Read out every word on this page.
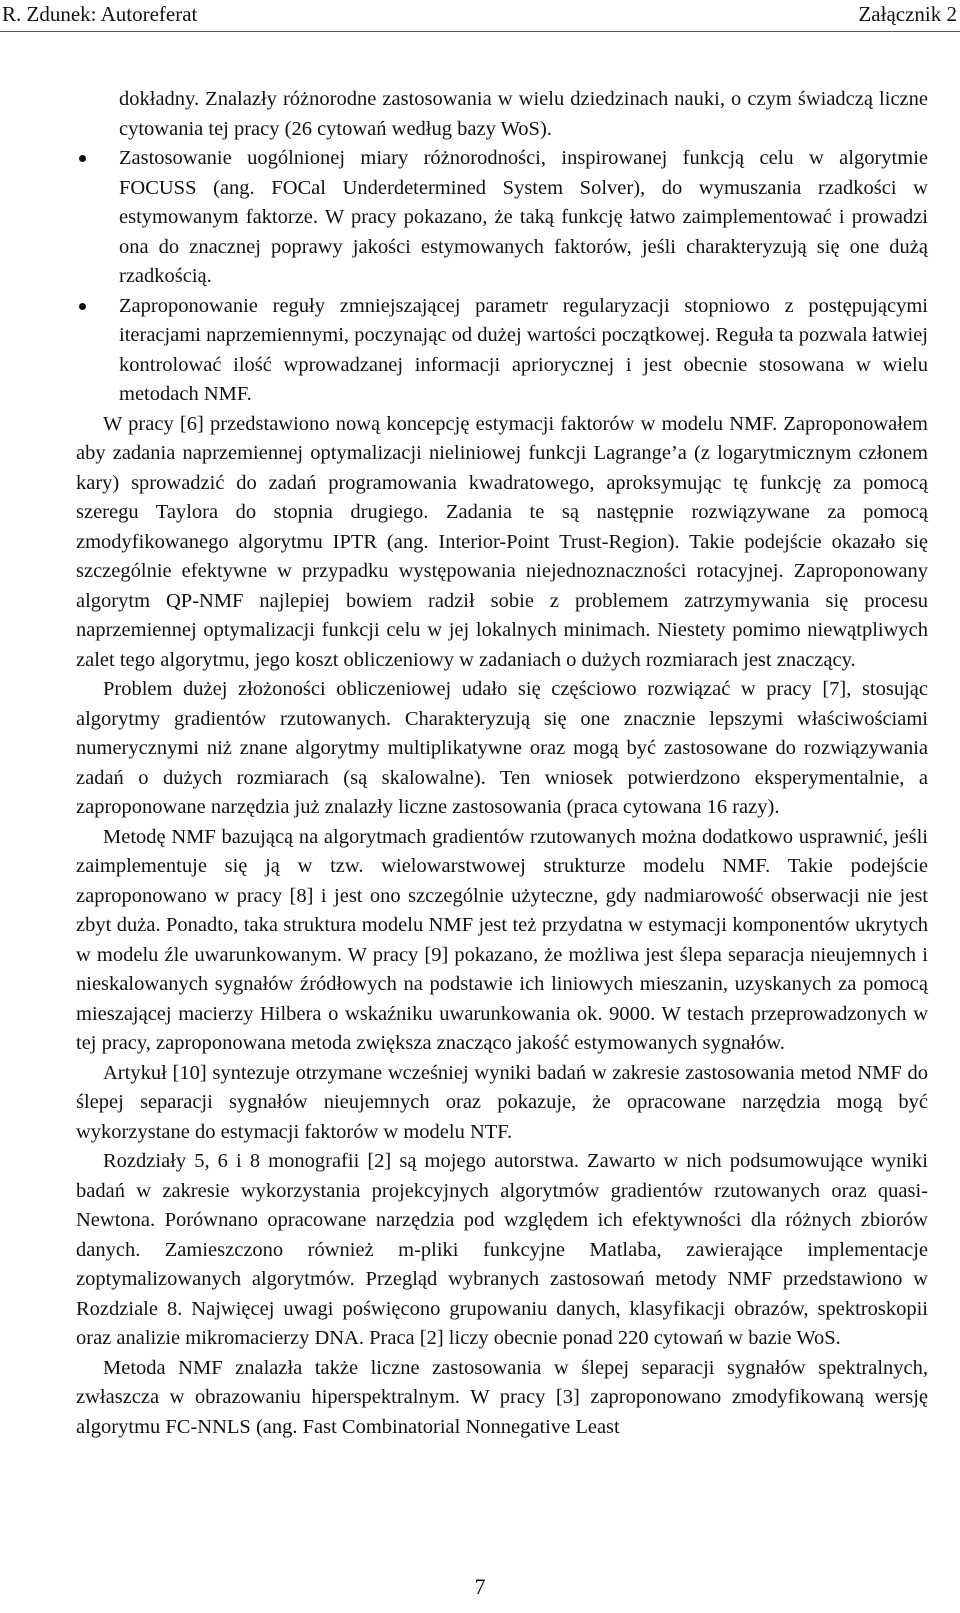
R. Zdunek: Autoreferat	Załącznik 2

dokładny. Znalazły różnorodne zastosowania w wielu dziedzinach nauki, o czym świadczą liczne cytowania tej pracy (26 cytowań według bazy WoS).

Zastosowanie uogólnionej miary różnorodności, inspirowanej funkcją celu w algorytmie FOCUSS (ang. FOCal Underdetermined System Solver), do wymuszania rzadkości w estymowanym faktorze. W pracy pokazano, że taką funkcję łatwo zaimplementować i prowadzi ona do znacznej poprawy jakości estymowanych faktorów, jeśli charakteryzują się one dużą rzadkością.
Zaproponowanie reguły zmniejszającej parametr regularyzacji stopniowo z postępującymi iteracjami naprzemiennymi, poczynając od dużej wartości początkowej. Reguła ta pozwala łatwiej kontrolować ilość wprowadzanej informacji apriorycznej i jest obecnie stosowana w wielu metodach NMF.

W pracy [6] przedstawiono nową koncepcję estymacji faktorów w modelu NMF. Zaproponowałem aby zadania naprzemiennej optymalizacji nieliniowej funkcji Lagrange’a (z logarytmicznym członem kary) sprowadzić do zadań programowania kwadratowego, aproksymując tę funkcję za pomocą szeregu Taylora do stopnia drugiego. Zadania te są następnie rozwiązywane za pomocą zmodyfikowanego algorytmu IPTR (ang. Interior-Point Trust-Region). Takie podejście okazało się szczególnie efektywne w przypadku występowania niejednoznaczności rotacyjnej. Zaproponowany algorytm QP-NMF najlepiej bowiem radził sobie z problemem zatrzymywania się procesu naprzemiennej optymalizacji funkcji celu w jej lokalnych minimach. Niestety pomimo niewątpliwych zalet tego algorytmu, jego koszt obliczeniowy w zadaniach o dużych rozmiarach jest znaczący.

Problem dużej złożoności obliczeniowej udało się częściowo rozwiązać w pracy [7], stosując algorytmy gradientów rzutowanych. Charakteryzują się one znacznie lepszymi właściwościami numerycznymi niż znane algorytmy multiplikatywne oraz mogą być zastosowane do rozwiązywania zadań o dużych rozmiarach (są skalowalne). Ten wniosek potwierdzono eksperymentalnie, a zaproponowane narzędzia już znalazły liczne zastosowania (praca cytowana 16 razy).

Metodę NMF bazującą na algorytmach gradientów rzutowanych można dodatkowo usprawnić, jeśli zaimplementuje się ją w tzw. wielowarstwowej strukturze modelu NMF. Takie podejście zaproponowano w pracy [8] i jest ono szczególnie użyteczne, gdy nadmiarowość obserwacji nie jest zbyt duża. Ponadto, taka struktura modelu NMF jest też przydatna w estymacji komponentów ukrytych w modelu źle uwarunkowanym. W pracy [9] pokazano, że możliwa jest ślepa separacja nieujemnych i nieskalowanych sygnałów źródłowych na podstawie ich liniowych mieszanin, uzyskanych za pomocą mieszającej macierzy Hilbera o wskaźniku uwarunkowania ok. 9000. W testach przeprowadzonych w tej pracy, zaproponowana metoda zwiększa znacząco jakość estymowanych sygnałów.

Artykuł [10] syntezuje otrzymane wcześniej wyniki badań w zakresie zastosowania metod NMF do ślepej separacji sygnałów nieujemnych oraz pokazuje, że opracowane narzędzia mogą być wykorzystane do estymacji faktorów w modelu NTF.

Rozdziały 5, 6 i 8 monografii [2] są mojego autorstwa. Zawarto w nich podsumowujące wyniki badań w zakresie wykorzystania projekcyjnych algorytmów gradientów rzutowanych oraz quasi-Newtona. Porównano opracowane narzędzia pod względem ich efektywności dla różnych zbiorów danych. Zamieszczono również m-pliki funkcyjne Matlaba, zawierające implementacje zoptymalizowanych algorytmów. Przegląd wybranych zastosowań metody NMF przedstawiono w Rozdziale 8. Najwięcej uwagi poświęcono grupowaniu danych, klasyfikacji obrazów, spektroskopii oraz analizie mikromacierzy DNA. Praca [2] liczy obecnie ponad 220 cytowań w bazie WoS.

Metoda NMF znalazła także liczne zastosowania w ślepej separacji sygnałów spektralnych, zwłaszcza w obrazowaniu hiperspektralnym. W pracy [3] zaproponowano zmodyfikowaną wersję algorytmu FC-NNLS (ang. Fast Combinatorial Nonnegative Least

7
